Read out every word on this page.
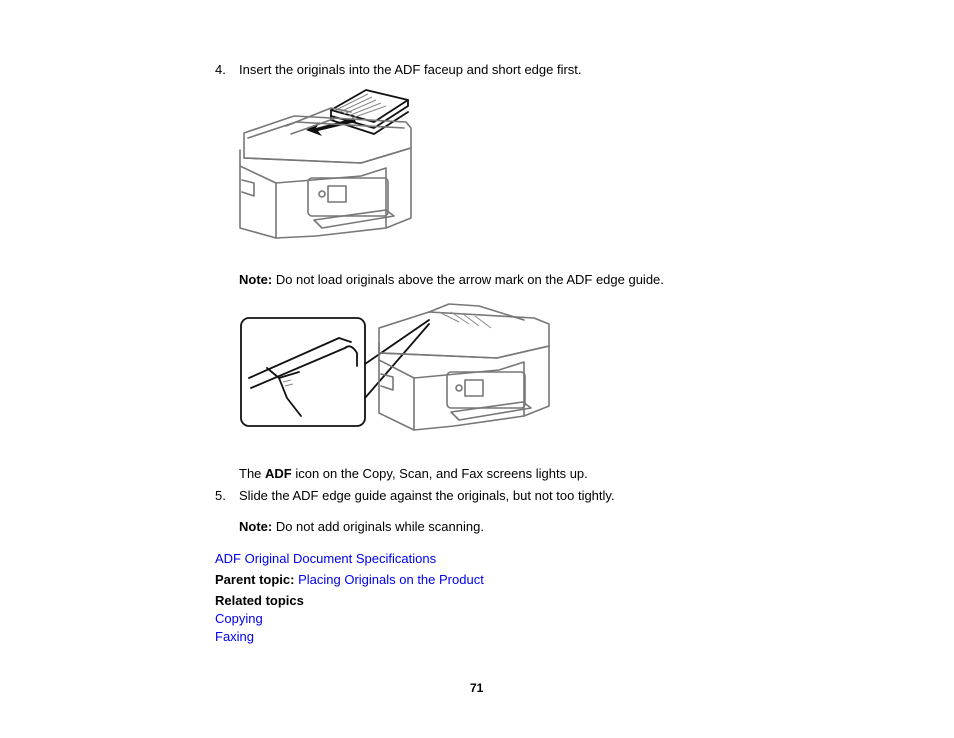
4. Insert the originals into the ADF faceup and short edge first.
Note: Do not load originals above the arrow mark on the ADF edge guide.
The ADF icon on the Copy, Scan, and Fax screens lights up.
5. Slide the ADF edge guide against the originals, but not too tightly.
Note: Do not add originals while scanning.
ADF Original Document Specifications
Parent topic: Placing Originals on the Product
Related topics
Copying
Faxing
71
